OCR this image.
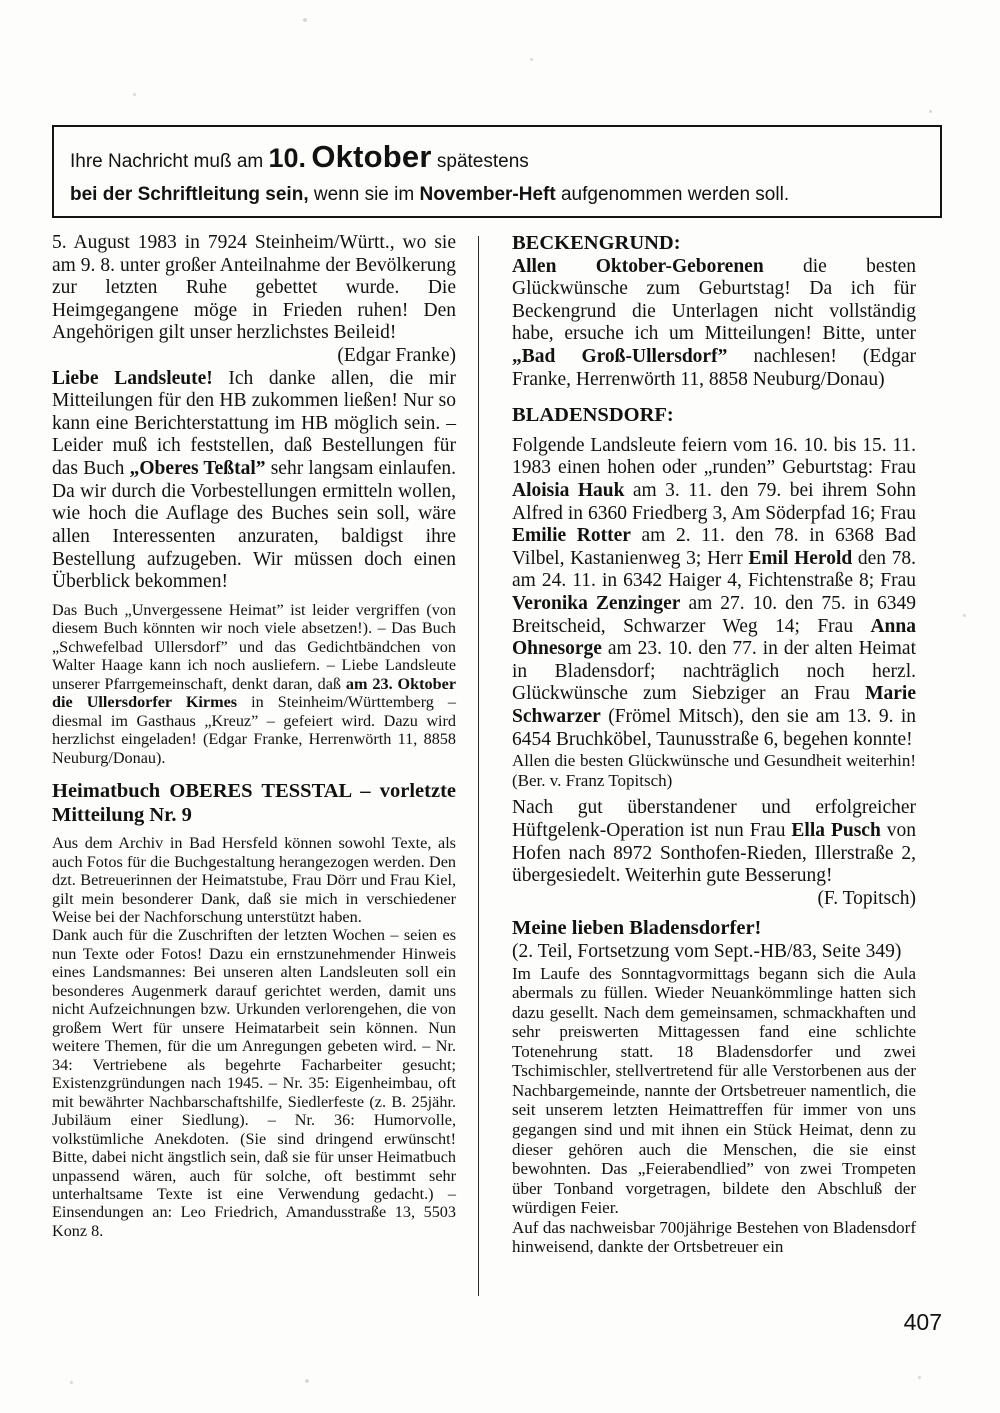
Ihre Nachricht muß am 10. Oktober spätestens
bei der Schriftleitung sein, wenn sie im November-Heft aufgenommen werden soll.

5. August 1983 in 7924 Steinheim/Württ., wo sie am 9. 8. unter großer Anteilnahme der Bevölkerung zur letzten Ruhe gebettet wurde. Die Heimgegangene möge in Frieden ruhen! Den Angehörigen gilt unser herzlichstes Beileid!

(Edgar Franke)

Liebe Landsleute! Ich danke allen, die mir Mitteilungen für den HB zukommen ließen! Nur so kann eine Berichterstattung im HB möglich sein. – Leider muß ich feststellen, daß Bestellungen für das Buch „Oberes Teßtal” sehr langsam einlaufen. Da wir durch die Vorbestellungen ermitteln wollen, wie hoch die Auflage des Buches sein soll, wäre allen Interessenten anzuraten, baldigst ihre Bestellung aufzugeben. Wir müssen doch einen Überblick bekommen!

Das Buch „Unvergessene Heimat” ist leider vergriffen (von diesem Buch könnten wir noch viele absetzen!). – Das Buch „Schwefelbad Ullersdorf” und das Gedichtbändchen von Walter Haage kann ich noch ausliefern. – Liebe Landsleute unserer Pfarrgemeinschaft, denkt daran, daß am 23. Oktober die Ullersdorfer Kirmes in Steinheim/Württemberg – diesmal im Gasthaus „Kreuz” – gefeiert wird. Dazu wird herzlichst eingeladen! (Edgar Franke, Herrenwörth 11, 8858 Neuburg/Donau).

Heimatbuch OBERES TESSTAL – vorletzte Mitteilung Nr. 9

Aus dem Archiv in Bad Hersfeld können sowohl Texte, als auch Fotos für die Buchgestaltung herangezogen werden. Den dzt. Betreuerinnen der Heimatstube, Frau Dörr und Frau Kiel, gilt mein besonderer Dank, daß sie mich in verschiedener Weise bei der Nachforschung unterstützt haben.

Dank auch für die Zuschriften der letzten Wochen – seien es nun Texte oder Fotos! Dazu ein ernstzunehmender Hinweis eines Landsmannes: Bei unseren alten Landsleuten soll ein besonderes Augenmerk darauf gerichtet werden, damit uns nicht Aufzeichnungen bzw. Urkunden verlorengehen, die von großem Wert für unsere Heimatarbeit sein können. Nun weitere Themen, für die um Anregungen gebeten wird. – Nr. 34: Vertriebene als begehrte Facharbeiter gesucht; Existenzgründungen nach 1945. – Nr. 35: Eigenheimbau, oft mit bewährter Nachbarschaftshilfe, Siedlerfeste (z. B. 25jähr. Jubiläum einer Siedlung). – Nr. 36: Humorvolle, volkstümliche Anekdoten. (Sie sind dringend erwünscht! Bitte, dabei nicht ängstlich sein, daß sie für unser Heimatbuch unpassend wären, auch für solche, oft bestimmt sehr unterhaltsame Texte ist eine Verwendung gedacht.) – Einsendungen an: Leo Friedrich, Amandusstraße 13, 5503 Konz 8.

BECKENGRUND:

Allen Oktober-Geborenen die besten Glückwünsche zum Geburtstag! Da ich für Beckengrund die Unterlagen nicht vollständig habe, ersuche ich um Mitteilungen! Bitte, unter „Bad Groß-Ullersdorf” nachlesen! (Edgar Franke, Herrenwörth 11, 8858 Neuburg/Donau)

BLADENSDORF:

Folgende Landsleute feiern vom 16. 10. bis 15. 11. 1983 einen hohen oder „runden” Geburtstag: Frau Aloisia Hauk am 3. 11. den 79. bei ihrem Sohn Alfred in 6360 Friedberg 3, Am Söderpfad 16; Frau Emilie Rotter am 2. 11. den 78. in 6368 Bad Vilbel, Kastanienweg 3; Herr Emil Herold den 78. am 24. 11. in 6342 Haiger 4, Fichtenstraße 8; Frau Veronika Zenzinger am 27. 10. den 75. in 6349 Breitscheid, Schwarzer Weg 14; Frau Anna Ohnesorge am 23. 10. den 77. in der alten Heimat in Bladensdorf; nachträglich noch herzl. Glückwünsche zum Siebziger an Frau Marie Schwarzer (Frömel Mitsch), den sie am 13. 9. in 6454 Bruchköbel, Taunusstraße 6, begehen konnte!

Allen die besten Glückwünsche und Gesundheit weiterhin! (Ber. v. Franz Topitsch)

Nach gut überstandener und erfolgreicher Hüftgelenk-Operation ist nun Frau Ella Pusch von Hofen nach 8972 Sonthofen-Rieden, Illerstraße 2, übergesiedelt. Weiterhin gute Besserung!

(F. Topitsch)

Meine lieben Bladensdorfer!

(2. Teil, Fortsetzung vom Sept.-HB/83, Seite 349)

Im Laufe des Sonntagvormittags begann sich die Aula abermals zu füllen. Wieder Neuankömmlinge hatten sich dazu gesellt. Nach dem gemeinsamen, schmackhaften und sehr preiswerten Mittagessen fand eine schlichte Totenehrung statt. 18 Bladensdorfer und zwei Tschimischler, stellvertretend für alle Verstorbenen aus der Nachbargemeinde, nannte der Ortsbetreuer namentlich, die seit unserem letzten Heimattreffen für immer von uns gegangen sind und mit ihnen ein Stück Heimat, denn zu dieser gehören auch die Menschen, die sie einst bewohnten. Das „Feierabendlied” von zwei Trompeten über Tonband vorgetragen, bildete den Abschluß der würdigen Feier.

Auf das nachweisbar 700jährige Bestehen von Bladensdorf hinweisend, dankte der Ortsbetreuer ein

407
